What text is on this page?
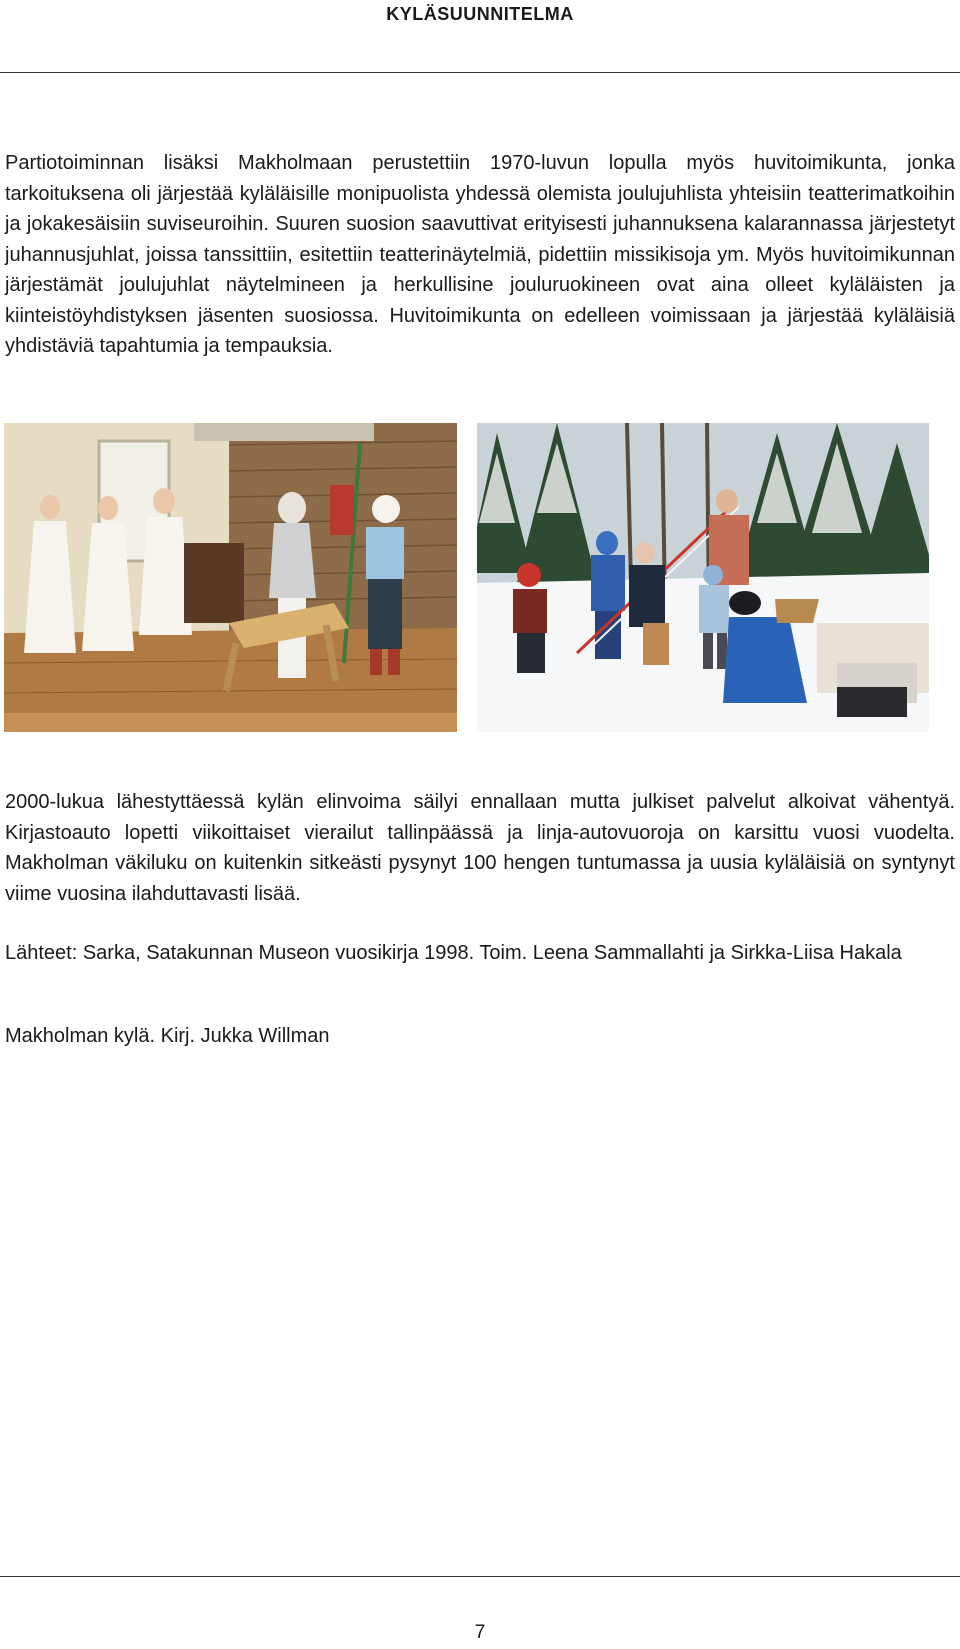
KYLÄSUUNNITELMA

Partiotoiminnan lisäksi Makholmaan perustettiin 1970-luvun lopulla myös huvitoimikunta, jonka tarkoituksena oli järjestää kyläläisille monipuolista yhdessä olemista joulujuhlista yhteisiin teatterimatkoihin ja jokakesäisiin suviseuroihin. Suuren suosion saavuttivat erityisesti juhannuksena kalarannassa järjestetyt juhannusjuhlat, joissa tanssittiin, esitettiin teatterinäytelmiä, pidettiin missikisoja ym. Myös huvitoimikunnan järjestämät joulujuhlat näytelmineen ja herkullisine jouluruokineen ovat aina olleet kyläläisten ja kiinteistöyhdistyksen jäsenten suosiossa. Huvitoimikunta on edelleen voimissaan ja järjestää kyläläisiä yhdistäviä tapahtumia ja tempauksia.

2000-lukua lähestyttäessä kylän elinvoima säilyi ennallaan mutta julkiset palvelut alkoivat vähentyä. Kirjastoauto lopetti viikoittaiset vierailut tallinpäässä ja linja-autovuoroja on karsittu vuosi vuodelta. Makholman väkiluku on kuitenkin sitkeästi pysynyt 100 hengen tuntumassa ja uusia kyläläisiä on syntynyt viime vuosina ilahduttavasti lisää.

Lähteet: Sarka, Satakunnan Museon vuosikirja 1998. Toim. Leena Sammallahti ja Sirkka-Liisa Hakala

Makholman kylä. Kirj. Jukka Willman

7
